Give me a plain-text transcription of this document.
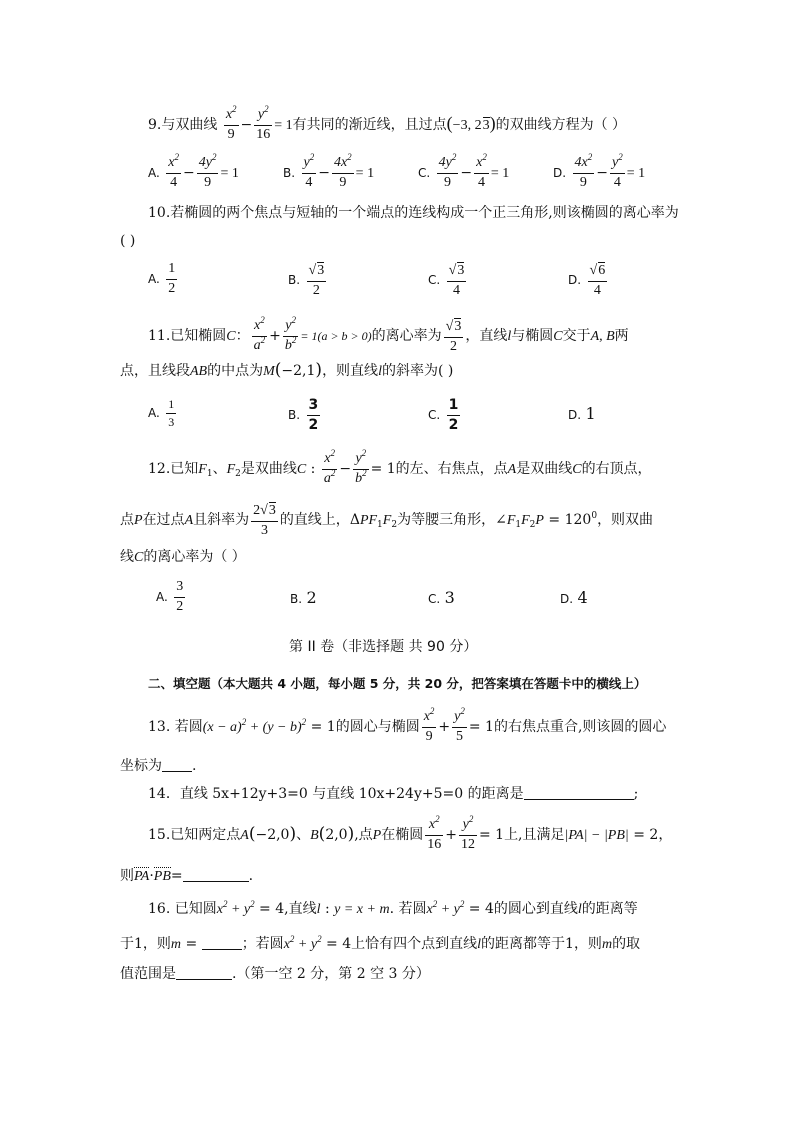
9.与双曲线 $\frac{x^2}{9} - \frac{y^2}{16} = 1$有共同的渐近线，且过点(−3, 23)的双曲线方程为（ ）
A. $\frac{x^2}{4} - \frac{4y^2}{9} = 1$	B. $\frac{y^2}{4} - \frac{4x^2}{9} = 1$	C. $\frac{4y^2}{9} - \frac{x^2}{4} = 1$	D. $\frac{4x^2}{9} - \frac{y^2}{4} = 1$
10.若椭圆的两个焦点与短轴的一个端点的连线构成一个正三角形,则该椭圆的离心率为
( )
A. $\frac{1}{2}$	B. $\frac{√3}{2}$	C. $\frac{√3}{4}$	D. $\frac{√6}{4}$
11.已知椭圆C： $\frac{x^2}{a^2} + \frac{y^2}{b^2} = 1(a > b > 0)$的离心率为 $\frac{√3}{2}$ ，直线l与椭圆C交于A, B两
点，且线段AB的中点为M(−2,1)，则直线l的斜率为( )
A. $\frac{1}{3}$	B. $\frac{3}{2}$	C. $\frac{1}{2}$	D. 1
12.已知$F_1$、$F_2$是双曲线C : $\frac{x^2}{a^2} - \frac{y^2}{b^2} = 1$的左、右焦点，点A是双曲线C的右顶点，
点P在过点A且斜率为 $\frac{2√3}{3}$ 的直线上，$\Delta PF_1F_2$为等腰三角形，$\angle F_1F_2P = 120^0$，则双曲
线C的离心率为（ ）
A. $\frac{3}{2}$	B. 2	C. 3	D. 4
第 II 卷（非选择题 共 90 分）
二、填空题（本大题共 4 小题，每小题 5 分，共 20 分，把答案填在答题卡中的横线上）
13. 若圆$(x - a)^2 + (y - b)^2 = 1$的圆心与椭圆 $\frac{x^2}{9} + \frac{y^2}{5} = 1$的右焦点重合,则该圆的圆心
坐标为 .
14．直线 5x+12y+3=0 与直线 10x+24y+5=0 的距离是	;
15.已知两定点A(−2,0)、B(2,0),点P在椭圆 $\frac{x^2}{16} + \frac{y^2}{12} = 1$上,且满足|PA| − |PB| = 2，
则PA·PB=	.
16. 已知圆$x^2 + y^2 = 4$,直线l : y = x + m. 若圆$x^2 + y^2 = 4$的圆心到直线l的距离等
于1，则m =	；若圆$x^2 + y^2 = 4$上恰有四个点到直线l的距离都等于1，则m的取
值范围是	.（第一空 2 分，第 2 空 3 分）
